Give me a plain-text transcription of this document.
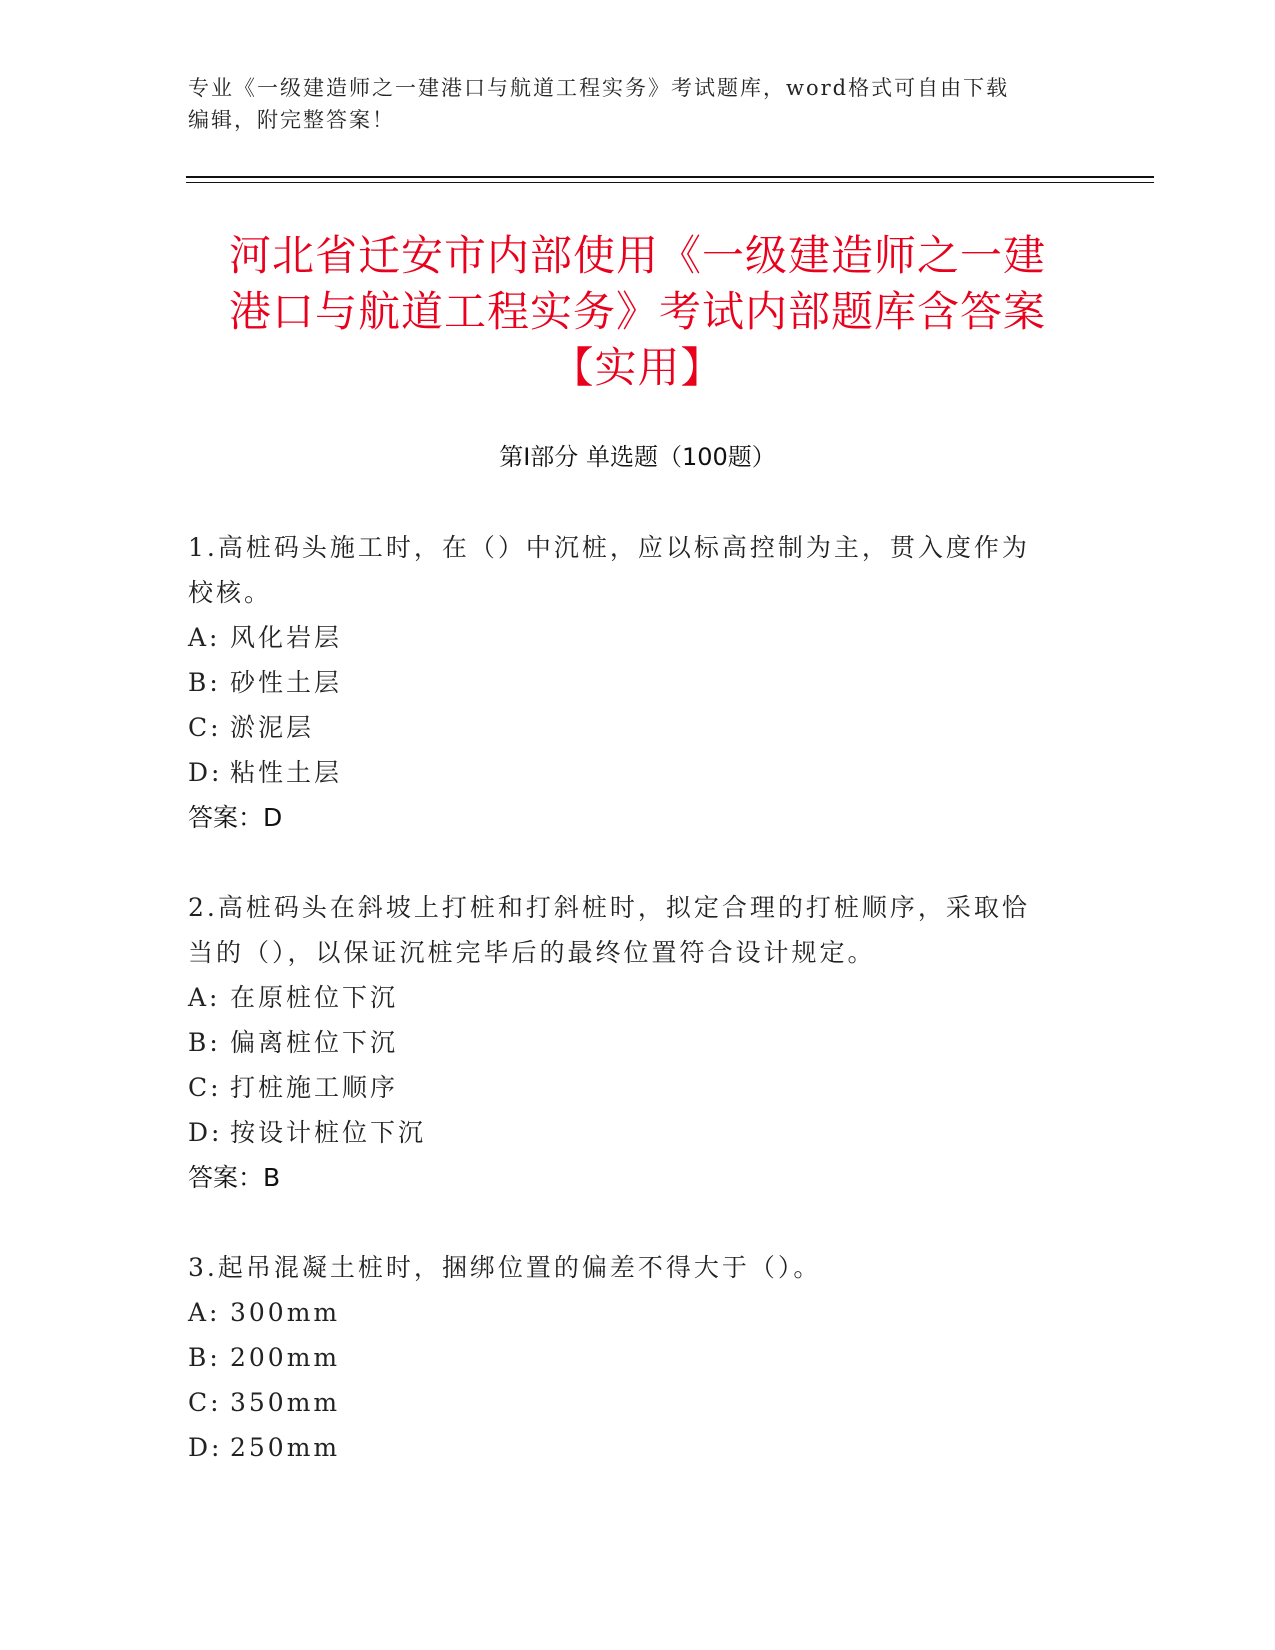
专业《一级建造师之一建港口与航道工程实务》考试题库，word格式可自由下载
编辑，附完整答案！
河北省迁安市内部使用《一级建造师之一建
港口与航道工程实务》考试内部题库含答案
【实用】
第Ⅰ部分 单选题（100题）

1.高桩码头施工时，在（）中沉桩，应以标高控制为主，贯入度作为

校核。

A: 风化岩层

B: 砂性土层

C: 淤泥层

D: 粘性土层

答案：D

2.高桩码头在斜坡上打桩和打斜桩时，拟定合理的打桩顺序，采取恰

当的（），以保证沉桩完毕后的最终位置符合设计规定。

A: 在原桩位下沉

B: 偏离桩位下沉

C: 打桩施工顺序

D: 按设计桩位下沉

答案：B

3.起吊混凝土桩时，捆绑位置的偏差不得大于（）。

A: 300mm

B: 200mm

C: 350mm

D: 250mm
